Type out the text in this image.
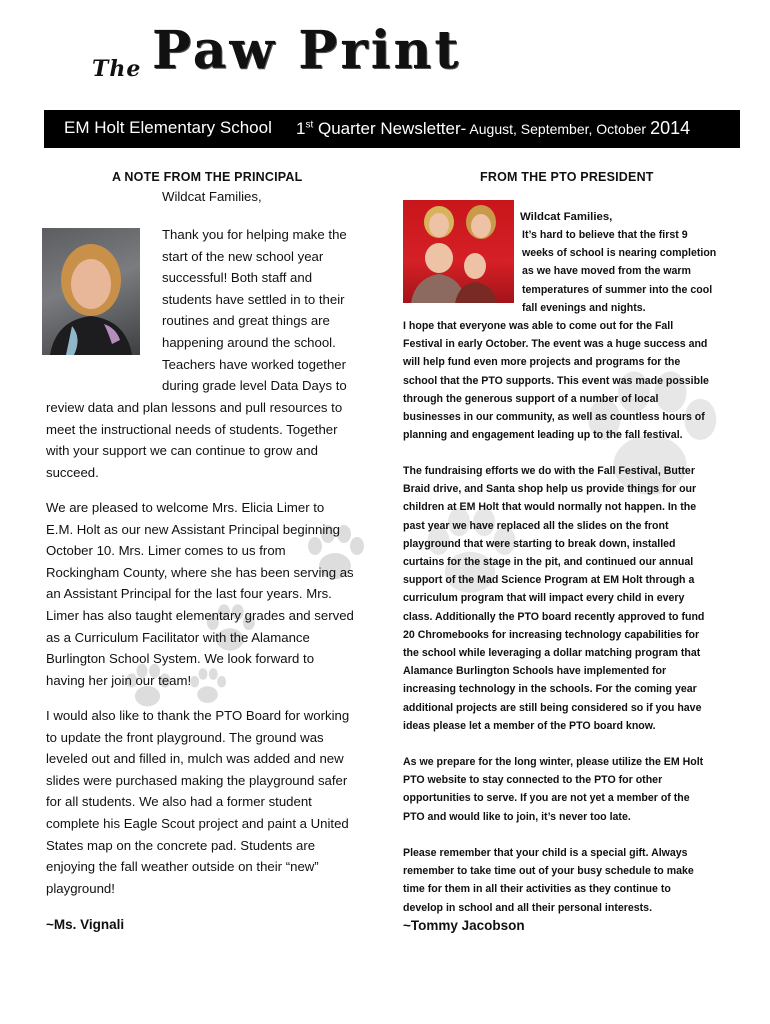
The Paw Print
EM Holt Elementary School 1st Quarter Newsletter- August, September, October 2014
A NOTE FROM THE PRINCIPAL
Wildcat Families,
Thank you for helping make the
start of the new school year
successful! Both staff and
students have settled in to their
routines and great things are
happening around the school.
Teachers have worked together
during grade level Data Days to
review data and plan lessons and pull resources to
meet the instructional needs of students. Together
with your support we can continue to grow and
succeed.
We are pleased to welcome Mrs. Elicia Limer to
E.M. Holt as our new Assistant Principal beginning
October 10. Mrs. Limer comes to us from
Rockingham County, where she has been serving as
an Assistant Principal for the last four years. Mrs.
Limer has also taught elementary grades and served
as a Curriculum Facilitator with the Alamance
Burlington School System. We look forward to
having her join our team!
I would also like to thank the PTO Board for working
to update the front playground. The ground was
leveled out and filled in, mulch was added and new
slides were purchased making the playground safer
for all students. We also had a former student
complete his Eagle Scout project and paint a United
States map on the concrete pad. Students are
enjoying the fall weather outside on their “new”
playground!
~Ms. Vignali
FROM THE PTO PRESIDENT
Wildcat Families,
It’s hard to believe that the first 9
weeks of school is nearing completion
as we have moved from the warm
temperatures of summer into the cool
fall evenings and nights.
I hope that everyone was able to come out for the Fall
Festival in early October. The event was a huge success and
will help fund even more projects and programs for the
school that the PTO supports. This event was made possible
through the generous support of a number of local
businesses in our community, as well as countless hours of
planning and engagement leading up to the fall festival.
The fundraising efforts we do with the Fall Festival, Butter
Braid drive, and Santa shop help us provide things for our
children at EM Holt that would normally not happen. In the
past year we have replaced all the slides on the front
playground that were starting to break down, installed
curtains for the stage in the pit, and continued our annual
support of the Mad Science Program at EM Holt through a
curriculum program that will impact every child in every
class. Additionally the PTO board recently approved to fund
20 Chromebooks for increasing technology capabilities for
the school while leveraging a dollar matching program that
Alamance Burlington Schools have implemented for
increasing technology in the schools. For the coming year
additional projects are still being considered so if you have
ideas please let a member of the PTO board know.
As we prepare for the long winter, please utilize the EM Holt
PTO website to stay connected to the PTO for other
opportunities to serve. If you are not yet a member of the
PTO and would like to join, it’s never too late.
Please remember that your child is a special gift. Always
remember to take time out of your busy schedule to make
time for them in all their activities as they continue to
develop in school and all their personal interests.
~Tommy Jacobson
